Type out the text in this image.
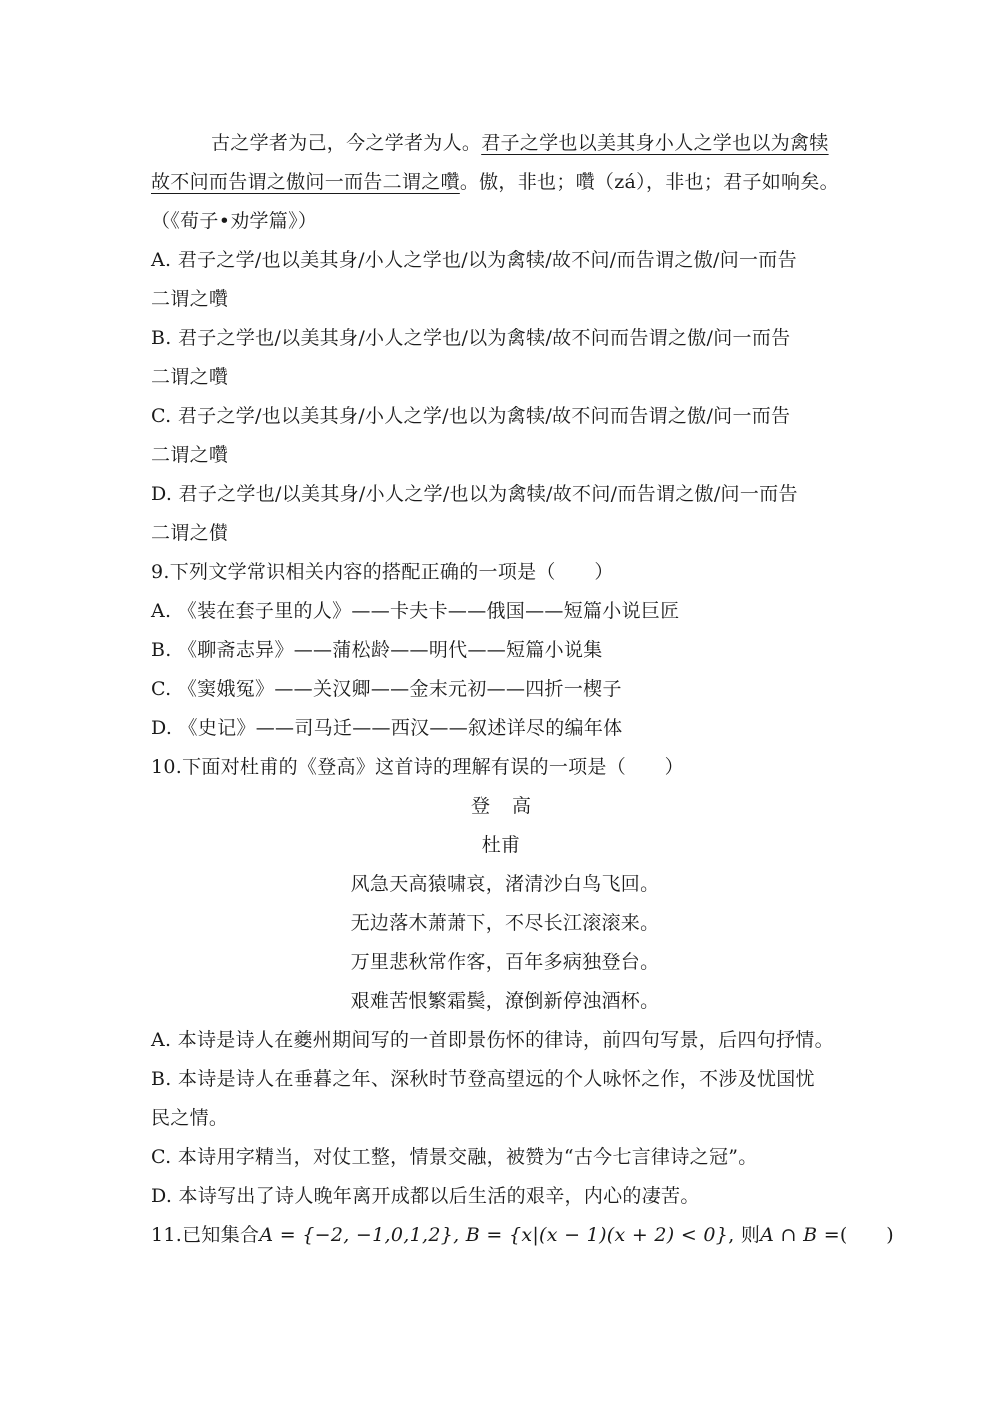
古之学者为己，今之学者为人。君子之学也以美其身小人之学也以为禽犊
故不问而告谓之傲问一而告二谓之囋。傲，非也；囋（zá），非也；君子如响矣。
（《荀子•劝学篇》）
A. 君子之学/也以美其身/小人之学也/以为禽犊/故不问/而告谓之傲/问一而告
二谓之囋
B. 君子之学也/以美其身/小人之学也/以为禽犊/故不问而告谓之傲/问一而告
二谓之囋
C. 君子之学/也以美其身/小人之学/也以为禽犊/故不问而告谓之傲/问一而告
二谓之囋
D. 君子之学也/以美其身/小人之学/也以为禽犊/故不问/而告谓之傲/问一而告
二谓之儧
9.下列文学常识相关内容的搭配正确的一项是（　　）
A. 《装在套子里的人》——卡夫卡——俄国——短篇小说巨匠
B. 《聊斋志异》——蒲松龄——明代——短篇小说集
C. 《窦娥冤》——关汉卿——金末元初——四折一楔子
D. 《史记》——司马迁——西汉——叙述详尽的编年体
10.下面对杜甫的《登高》这首诗的理解有误的一项是（　　）
登高
杜甫
风急天高猿啸哀，渚清沙白鸟飞回。
无边落木萧萧下，不尽长江滚滚来。
万里悲秋常作客，百年多病独登台。
艰难苦恨繁霜鬓，潦倒新停浊酒杯。
A. 本诗是诗人在夔州期间写的一首即景伤怀的律诗，前四句写景，后四句抒情。
B. 本诗是诗人在垂暮之年、深秋时节登高望远的个人咏怀之作，不涉及忧国忧
民之情。
C. 本诗用字精当，对仗工整，情景交融，被赞为“古今七言律诗之冠”。
D. 本诗写出了诗人晚年离开成都以后生活的艰辛，内心的凄苦。
11.已知集合A = {−2, −1,0,1,2}, B = {x|(x − 1)(x + 2) < 0}, 则A ∩ B =(　　)
